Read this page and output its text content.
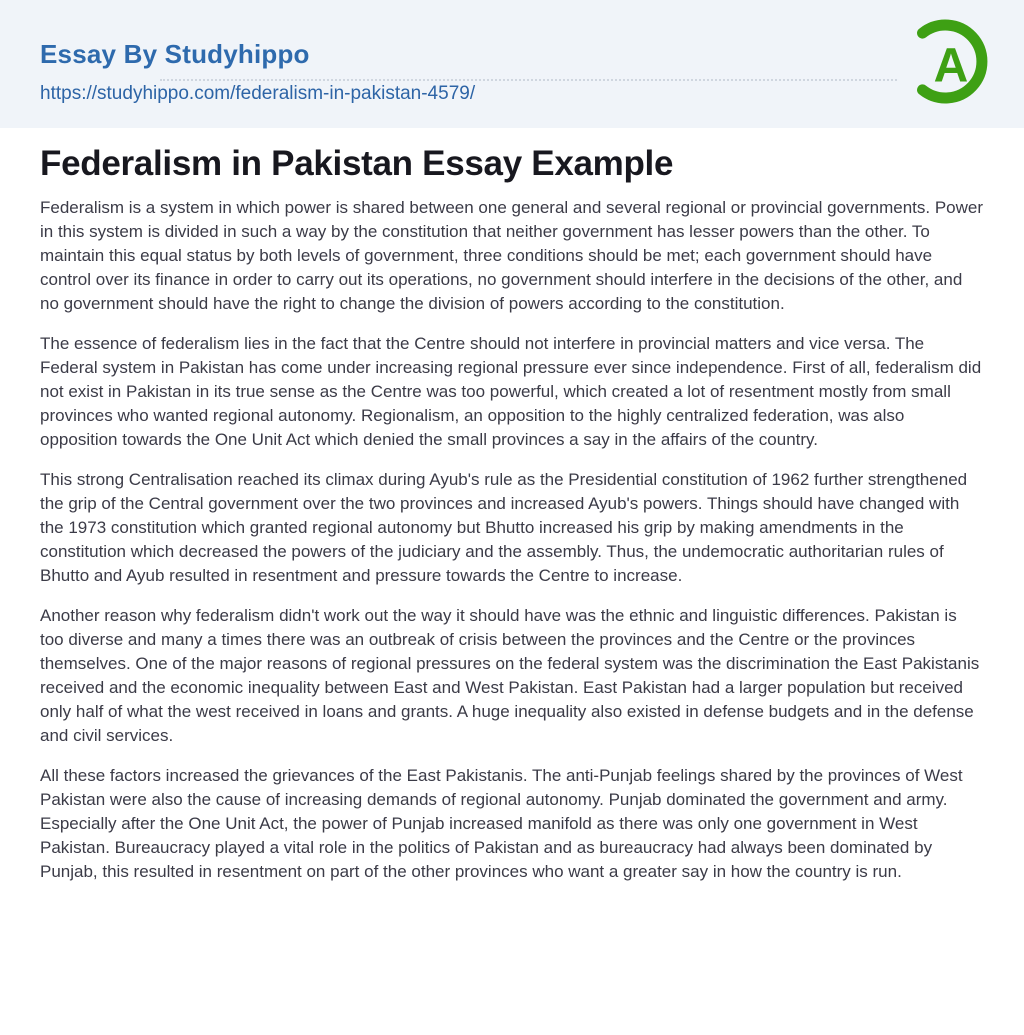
Essay By Studyhippo
https://studyhippo.com/federalism-in-pakistan-4579/
A
Federalism in Pakistan Essay Example

Federalism is a system in which power is shared between one general and several regional or provincial governments. Power in this system is divided in such a way by the constitution that neither government has lesser powers than the other. To maintain this equal status by both levels of government, three conditions should be met; each government should have control over its finance in order to carry out its operations, no government should interfere in the decisions of the other, and no government should have the right to change the division of powers according to the constitution.

The essence of federalism lies in the fact that the Centre should not interfere in provincial matters and vice versa. The Federal system in Pakistan has come under increasing regional pressure ever since independence. First of all, federalism did not exist in Pakistan in its true sense as the Centre was too powerful, which created a lot of resentment mostly from small provinces who wanted regional autonomy. Regionalism, an opposition to the highly centralized federation, was also opposition towards the One Unit Act which denied the small provinces a say in the affairs of the country.

This strong Centralisation reached its climax during Ayub's rule as the Presidential constitution of 1962 further strengthened the grip of the Central government over the two provinces and increased Ayub's powers. Things should have changed with the 1973 constitution which granted regional autonomy but Bhutto increased his grip by making amendments in the constitution which decreased the powers of the judiciary and the assembly. Thus, the undemocratic authoritarian rules of Bhutto and Ayub resulted in resentment and pressure towards the Centre to increase.

Another reason why federalism didn't work out the way it should have was the ethnic and linguistic differences. Pakistan is too diverse and many a times there was an outbreak of crisis between the provinces and the Centre or the provinces themselves. One of the major reasons of regional pressures on the federal system was the discrimination the East Pakistanis received and the economic inequality between East and West Pakistan. East Pakistan had a larger population but received only half of what the west received in loans and grants. A huge inequality also existed in defense budgets and in the defense and civil services.

All these factors increased the grievances of the East Pakistanis. The anti-Punjab feelings shared by the provinces of West Pakistan were also the cause of increasing demands of regional autonomy. Punjab dominated the government and army. Especially after the One Unit Act, the power of Punjab increased manifold as there was only one government in West Pakistan. Bureaucracy played a vital role in the politics of Pakistan and as bureaucracy had always been dominated by Punjab, this resulted in resentment on part of the other provinces who want a greater say in how the country is run.
